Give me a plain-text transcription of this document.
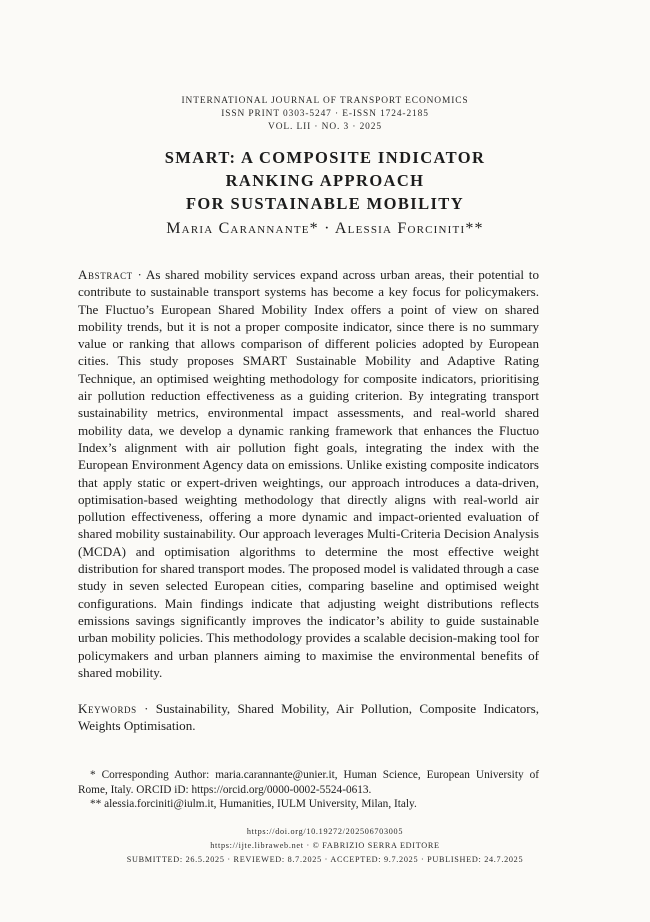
INTERNATIONAL JOURNAL OF TRANSPORT ECONOMICS
ISSN PRINT 0303-5247 · E-ISSN 1724-2185
VOL. LII · NO. 3 · 2025
SMART: A COMPOSITE INDICATOR
RANKING APPROACH
FOR SUSTAINABLE MOBILITY
Maria Carannante* · Alessia Forciniti**
Abstract · As shared mobility services expand across urban areas, their potential to contribute to sustainable transport systems has become a key focus for policymakers. The Fluctuo’s European Shared Mobility Index offers a point of view on shared mobility trends, but it is not a proper composite indicator, since there is no summary value or ranking that allows comparison of different policies adopted by European cities. This study proposes SMART Sustainable Mobility and Adaptive Rating Technique, an optimised weighting methodology for composite indicators, prioritising air pollution reduction effectiveness as a guiding criterion. By integrating transport sustainability metrics, environmental impact assessments, and real-world shared mobility data, we develop a dynamic ranking framework that enhances the Fluctuo Index’s alignment with air pollution fight goals, integrating the index with the European Environment Agency data on emissions. Unlike existing composite indicators that apply static or expert-driven weightings, our approach introduces a data-driven, optimisation-based weighting methodology that directly aligns with real-world air pollution effectiveness, offering a more dynamic and impact-oriented evaluation of shared mobility sustainability. Our approach leverages Multi-Criteria Decision Analysis (MCDA) and optimisation algorithms to determine the most effective weight distribution for shared transport modes. The proposed model is validated through a case study in seven selected European cities, comparing baseline and optimised weight configurations. Main findings indicate that adjusting weight distributions reflects emissions savings significantly improves the indicator’s ability to guide sustainable urban mobility policies. This methodology provides a scalable decision-making tool for policymakers and urban planners aiming to maximise the environmental benefits of shared mobility.
Keywords · Sustainability, Shared Mobility, Air Pollution, Composite Indicators, Weights Optimisation.
* Corresponding Author: maria.carannante@unier.it, Human Science, European University of Rome, Italy. ORCID iD: https://orcid.org/0000-0002-5524-0613.
** alessia.forciniti@iulm.it, Humanities, IULM University, Milan, Italy.
https://doi.org/10.19272/202506703005
https://ijte.libraweb.net · © FABRIZIO SERRA EDITORE
SUBMITTED: 26.5.2025 · REVIEWED: 8.7.2025 · ACCEPTED: 9.7.2025 · PUBLISHED: 24.7.2025
